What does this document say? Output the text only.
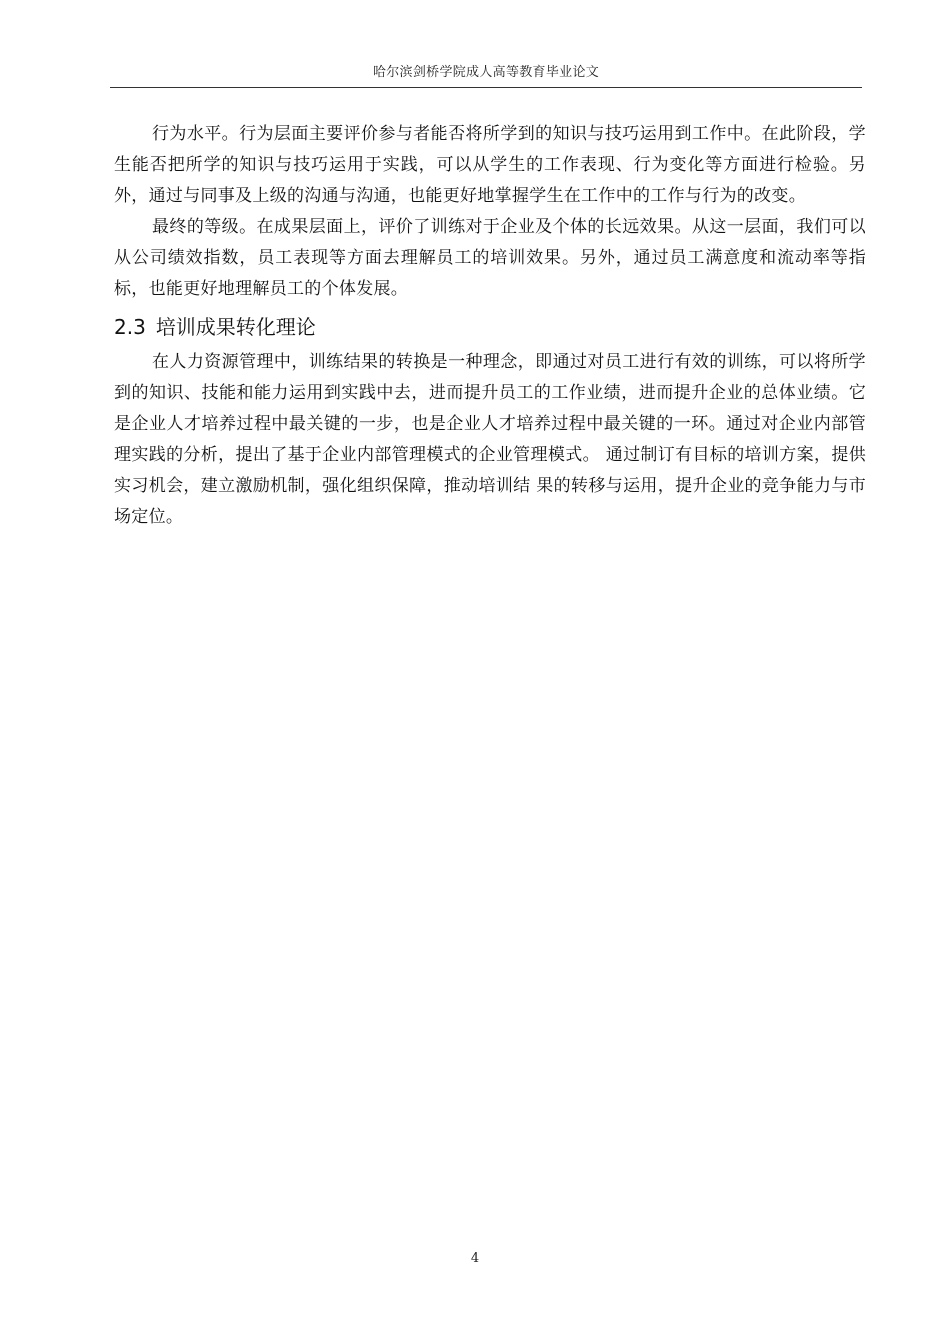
哈尔滨剑桥学院成人高等教育毕业论文

行为水平。行为层面主要评价参与者能否将所学到的知识与技巧运用到工作中。在此阶段，学生能否把所学的知识与技巧运用于实践，可以从学生的工作表现、行为变化等方面进行检验。另外，通过与同事及上级的沟通与沟通，也能更好地掌握学生在工作中的工作与行为的改变。

最终的等级。在成果层面上，评价了训练对于企业及个体的长远效果。从这一层面，我们可以从公司绩效指数，员工表现等方面去理解员工的培训效果。另外，通过员工满意度和流动率等指标，也能更好地理解员工的个体发展。

2.3 培训成果转化理论

在人力资源管理中，训练结果的转换是一种理念，即通过对员工进行有效的训练，可以将所学到的知识、技能和能力运用到实践中去，进而提升员工的工作业绩，进而提升企业的总体业绩。它是企业人才培养过程中最关键的一步，也是企业人才培养过程中最关键的一环。通过对企业内部管理实践的分析，提出了基于企业内部管理模式的企业管理模式。 通过制订有目标的培训方案，提供实习机会，建立激励机制，强化组织保障，推动培训结 果的转移与运用，提升企业的竞争能力与市场定位。

4
